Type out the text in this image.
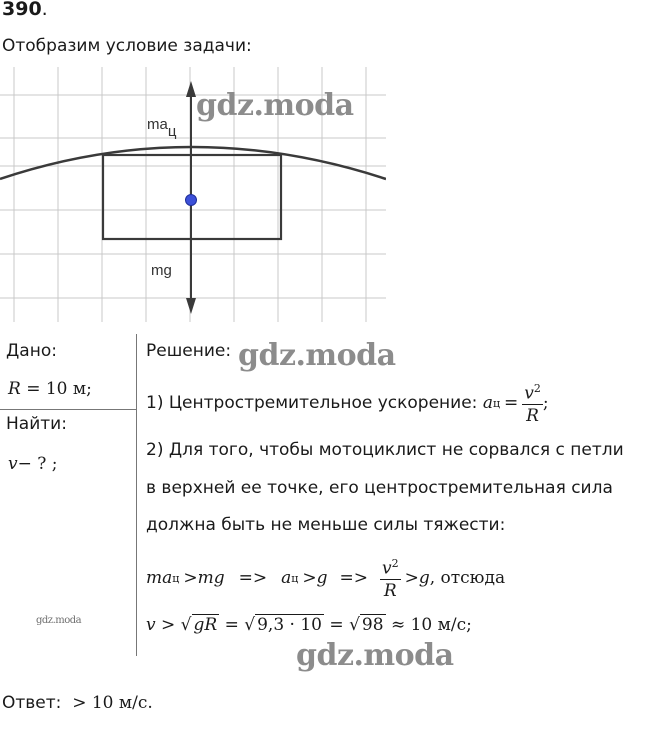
390.
Отобразим условие задачи:
maц
mg
gdz.moda
Дано:
R = 10 м;
Найти:
v− ? ;
Решение: gdz.moda
1) Центростремительное ускорение:
a $ц = \frac{v^2}{R}$ ;
2) Для того, чтобы мотоциклист не сорвался с петли
в верхней ее точке, его центростремительная сила
должна быть не меньше силы тяжести:
ma ц > mg => a $ц > g => \frac{v^2}{R} > g$ , отсюда
v > √ gR = √ 9,3 · 10 = √ 98 ≈ 10 м/с;
gdz.moda
gdz.moda
Ответ: > 10 м/с.
